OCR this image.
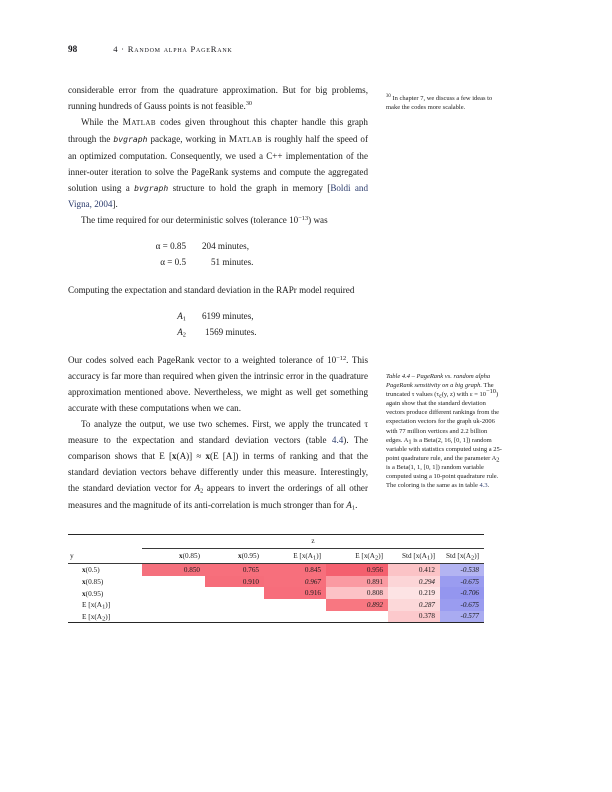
98	4 · Random alpha PageRank

considerable error from the quadrature approximation. But for big problems, running hundreds of Gauss points is not feasible.$^{30}$

While the Matlab codes given throughout this chapter handle this graph through the bvgraph package, working in Matlab is roughly half the speed of an optimized computation. Consequently, we used a C++ implementation of the inner-outer iteration to solve the PageRank systems and compute the aggregated solution using a bvgraph structure to hold the graph in memory [Boldi and Vigna, 2004].

The time required for our deterministic solves (tolerance $10^{-13}$) was

α = 0.85	204 minutes,
α = 0.5	51 minutes.

Computing the expectation and standard deviation in the RAPr model required

$A_1$	6199 minutes,
$A_2$	1569 minutes.

Our codes solved each PageRank vector to a weighted tolerance of $10^{-12}$. This accuracy is far more than required when given the intrinsic error in the quadrature approximation mentioned above. Nevertheless, we might as well get something accurate with these computations when we can.

To analyze the output, we use two schemes. First, we apply the truncated τ measure to the expectation and standard deviation vectors (table 4.4). The comparison shows that E [x(A)] ≈ x(E [A]) in terms of ranking and that the standard deviation vectors behave differently under this measure. Interestingly, the standard deviation vector for $A_2$ appears to invert the orderings of all other measures and the magnitude of its anti-correlation is much stronger than for $A_1$.

$^{30}$ In chapter 7, we discuss a few ideas to make the codes more scalable.
Table 4.4 – PageRank vs. random alpha PageRank sensitivity on a big graph. The truncated τ values ($\tau_\varepsilon(y$, z) with $\varepsilon = 10^{-10}$) again show that the standard deviation vectors produce different rankings from the expectation vectors for the graph uk-2006 with 77 million vertices and 2.2 billion edges. $A_1$ is a Beta(2, 16, [0, 1]) random variable with statistics computed using a 25-point quadrature rule, and the parameter $A_2$ is a Beta(1, 1, [0, 1]) random variable computed using a 10-point quadrature rule. The coloring is the same as in table 4.3.
	z					
y	x(0.85)	x(0.95)	E $[x(A_1)]$	E $[x(A_2)]$	Std $[x(A_1)]$	Std $[x(A_2)]$
x(0.5)	0.850	0.765	0.845	0.956	0.412	-0.538
x(0.85)		0.910	0.967	0.891	0.294	-0.675
x(0.95)			0.916	0.808	0.219	-0.706
E $[x(A_1)]$				0.892	0.287	-0.675
E $[x(A_2)]$					0.378	-0.577
